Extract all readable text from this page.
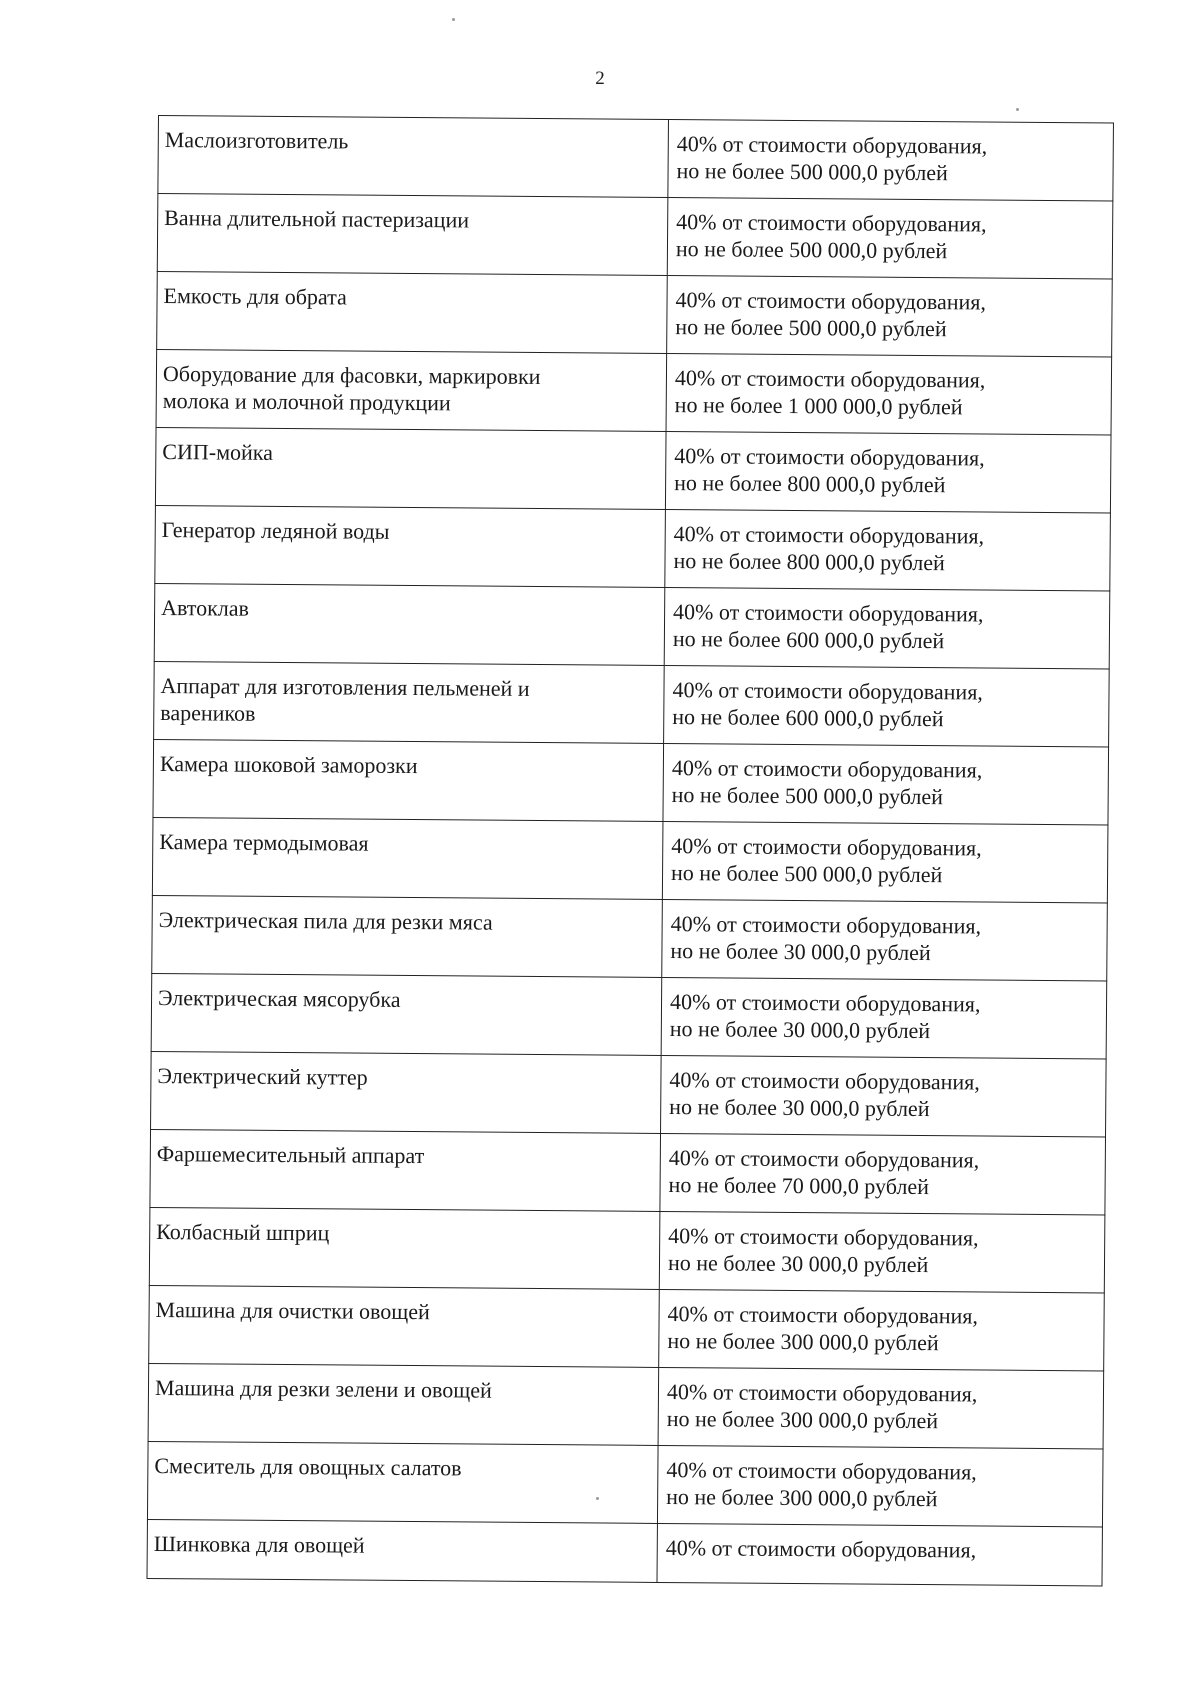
2
Маслоизготовитель	40% от стоимости оборудования,
но не более 500 000,0 рублей

Ванна длительной пастеризации	40% от стоимости оборудования,
но не более 500 000,0 рублей

Емкость для обрата	40% от стоимости оборудования,
но не более 500 000,0 рублей

Оборудование для фасовки, маркировки
молока и молочной продукции	40% от стоимости оборудования,
но не более 1 000 000,0 рублей

СИП-мойка	40% от стоимости оборудования,
но не более 800 000,0 рублей

Генератор ледяной воды	40% от стоимости оборудования,
но не более 800 000,0 рублей

Автоклав	40% от стоимости оборудования,
но не более 600 000,0 рублей

Аппарат для изготовления пельменей и
вареников	40% от стоимости оборудования,
но не более 600 000,0 рублей

Камера шоковой заморозки	40% от стоимости оборудования,
но не более 500 000,0 рублей

Камера термодымовая	40% от стоимости оборудования,
но не более 500 000,0 рублей

Электрическая пила для резки мяса	40% от стоимости оборудования,
но не более 30 000,0 рублей

Электрическая мясорубка	40% от стоимости оборудования,
но не более 30 000,0 рублей

Электрический куттер	40% от стоимости оборудования,
но не более 30 000,0 рублей

Фаршемесительный аппарат	40% от стоимости оборудования,
но не более 70 000,0 рублей

Колбасный шприц	40% от стоимости оборудования,
но не более 30 000,0 рублей

Машина для очистки овощей	40% от стоимости оборудования,
но не более 300 000,0 рублей

Машина для резки зелени и овощей	40% от стоимости оборудования,
но не более 300 000,0 рублей

Смеситель для овощных салатов	40% от стоимости оборудования,
но не более 300 000,0 рублей

Шинковка для овощей	40% от стоимости оборудования,
